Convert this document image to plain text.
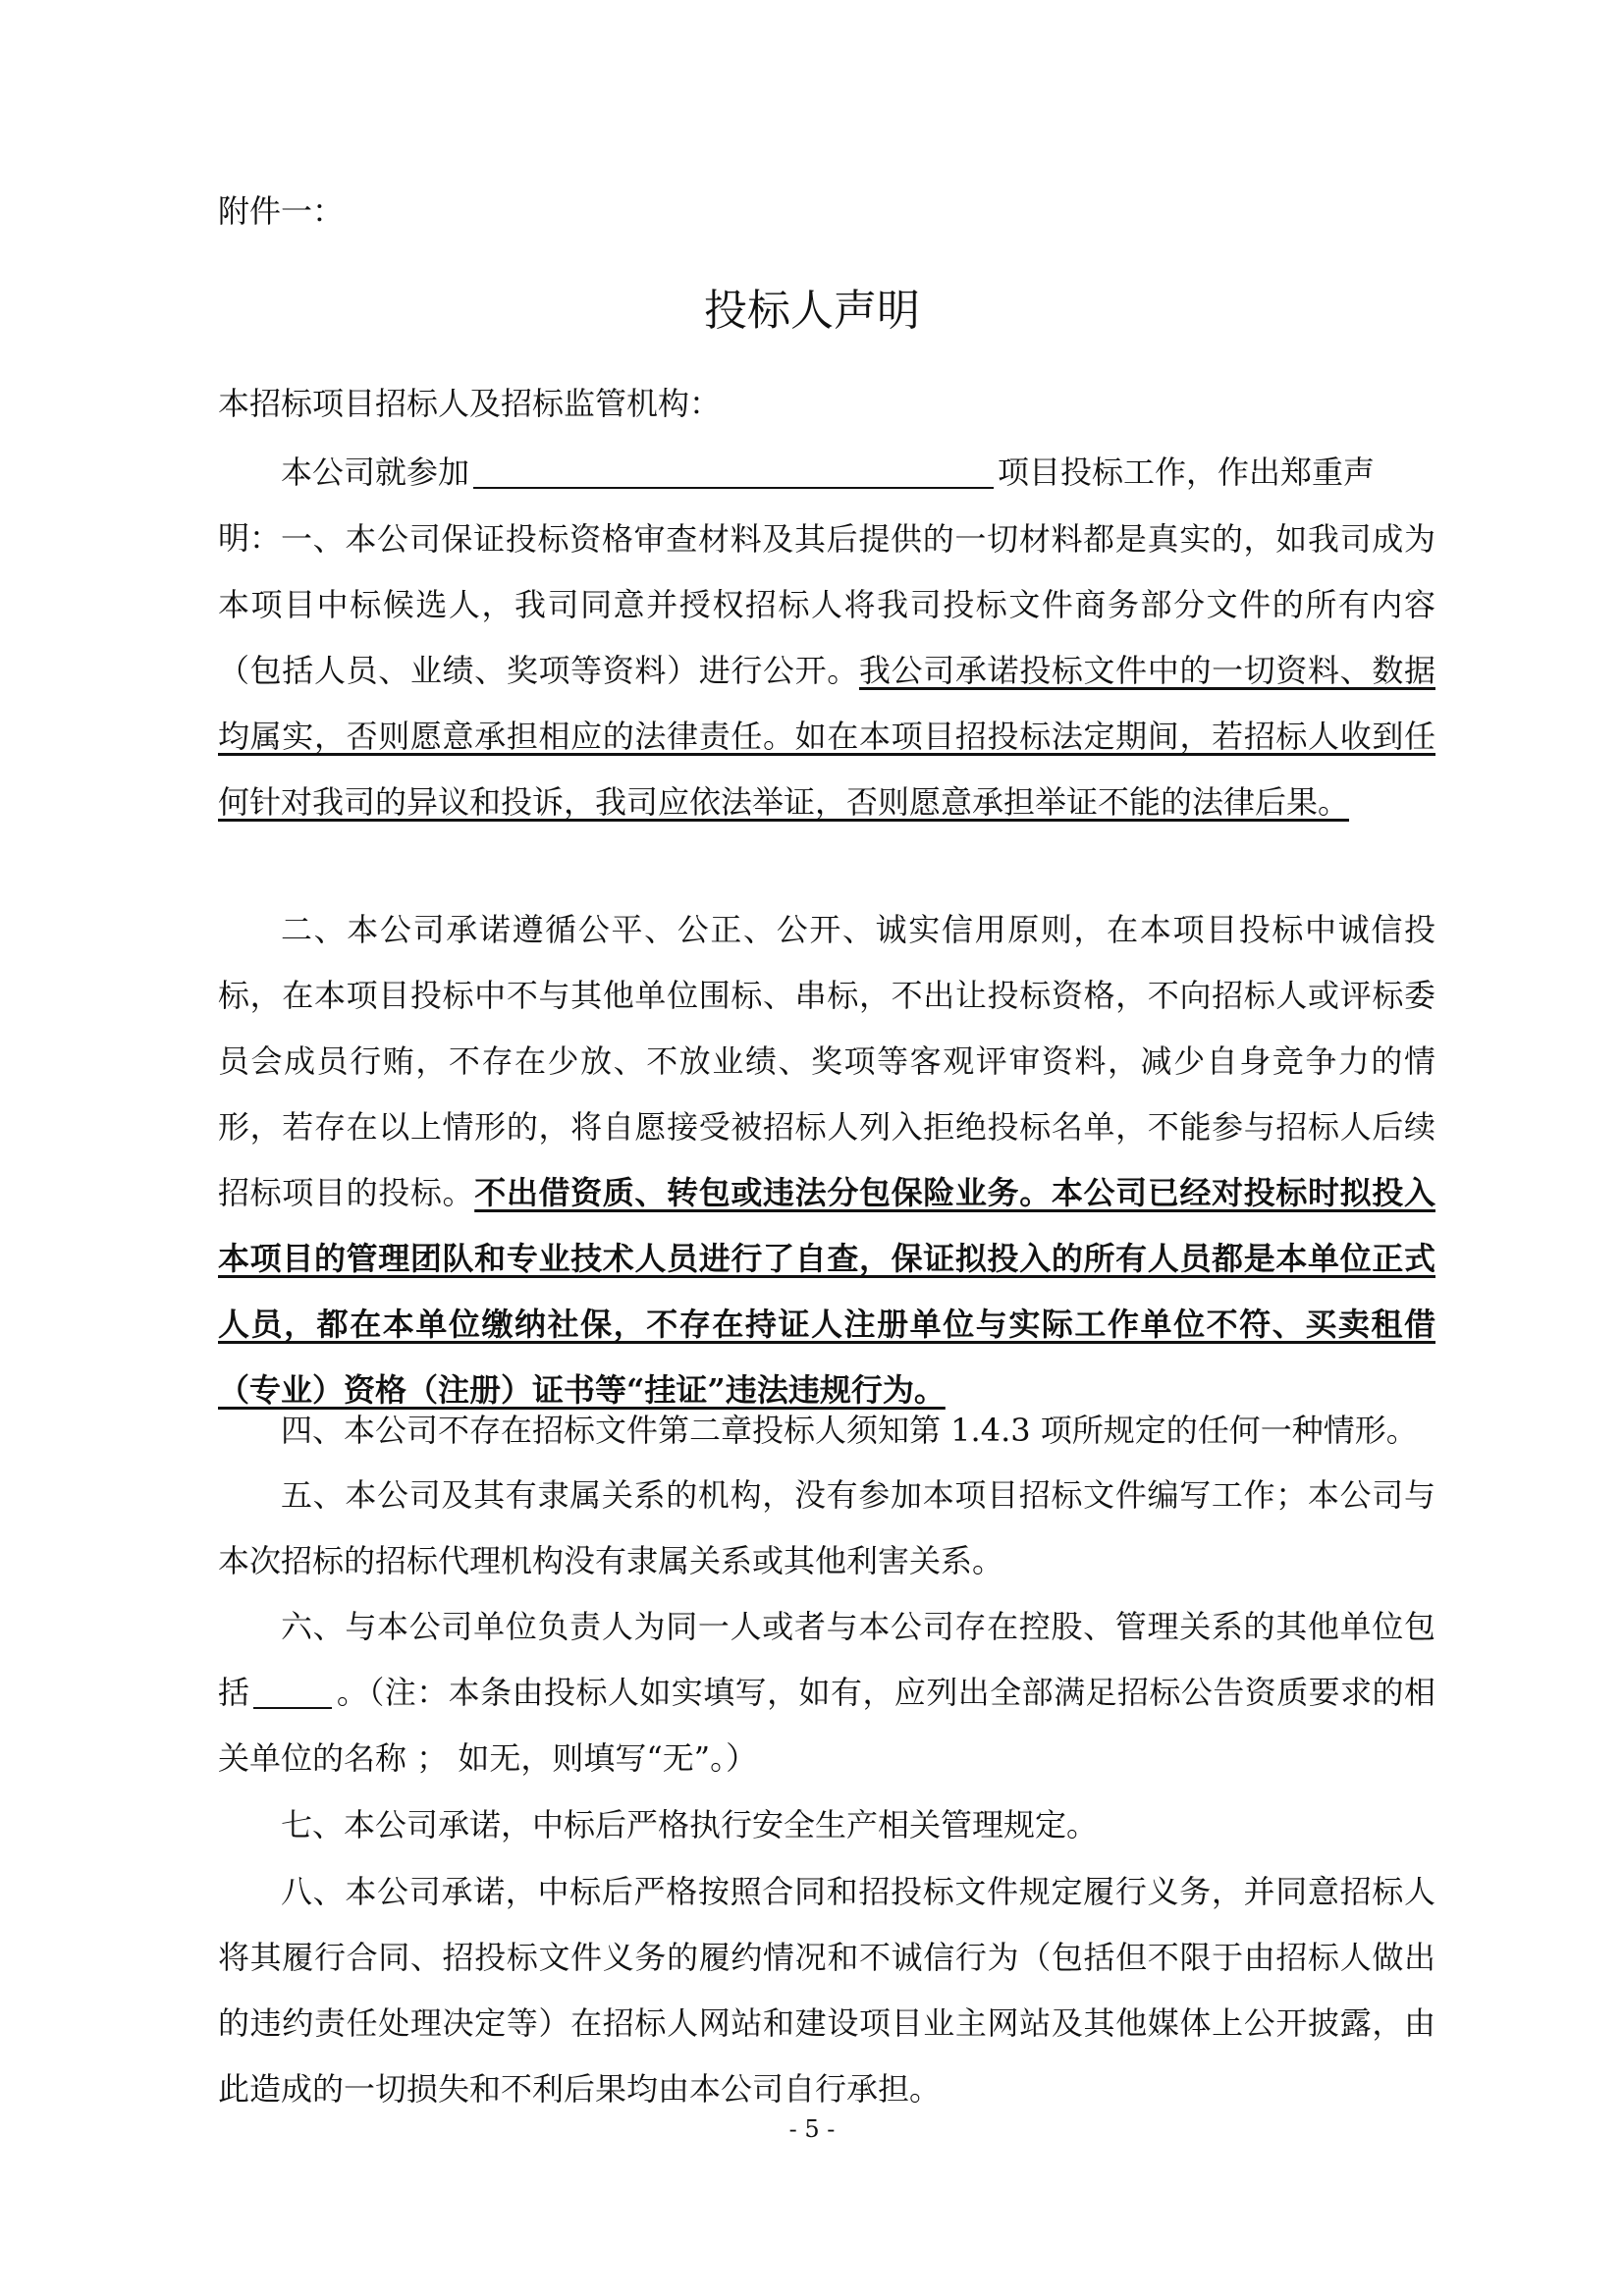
附件一：
投标人声明
本招标项目招标人及招标监管机构：
本公司就参加	项目投标工作，作出郑重声明： 一、本公司保证投标资格审查材料及其后提供的一切材料都是真实的，如我司成为本项目中标候选人，我司同意并授权招标人将我司投标文件商务部分文件的所有内容（包括人员、业绩、奖项等资料）进行公开。我公司承诺投标文件中的一切资料、数据均属实，否则愿意承担相应的法律责任。如在本项目招投标法定期间，若招标人收到任何针对我司的异议和投诉，我司应依法举证，否则愿意承担举证不能的法律后果。

二、本公司承诺遵循公平、公正、公开、诚实信用原则，在本项目投标中诚信投标，在本项目投标中不与其他单位围标、串标，不出让投标资格，不向招标人或评标委员会成员行贿，不存在少放、不放业绩、奖项等客观评审资料，减少自身竞争力的情形，若存在以上情形的，将自愿接受被招标人列入拒绝投标名单，不能参与招标人后续招标项目的投标。不出借资质、转包或违法分包保险业务。本公司已经对投标时拟投入本项目的管理团队和专业技术人员进行了自查，保证拟投入的所有人员都是本单位正式人员，都在本单位缴纳社保，不存在持证人注册单位与实际工作单位不符、买卖租借（专业）资格（注册）证书等“挂证”违法违规行为。

四、本公司不存在招标文件第二章投标人须知第 1.4.3 项所规定的任何一种情形。

五、本公司及其有隶属关系的机构，没有参加本项目招标文件编写工作；本公司与本次招标的招标代理机构没有隶属关系或其他利害关系。

六、与本公司单位负责人为同一人或者与本公司存在控股、管理关系的其他单位包括	。（注：本条由投标人如实填写，如有，应列出全部满足招标公告资质要求的相关单位的名称 ； 如无，则填写“无”。）

七、本公司承诺，中标后严格执行安全生产相关管理规定。

八、本公司承诺，中标后严格按照合同和招投标文件规定履行义务，并同意招标人将其履行合同、招投标文件义务的履约情况和不诚信行为（包括但不限于由招标人做出的违约责任处理决定等）在招标人网站和建设项目业主网站及其他媒体上公开披露，由此造成的一切损失和不利后果均由本公司自行承担。

- 5 -
